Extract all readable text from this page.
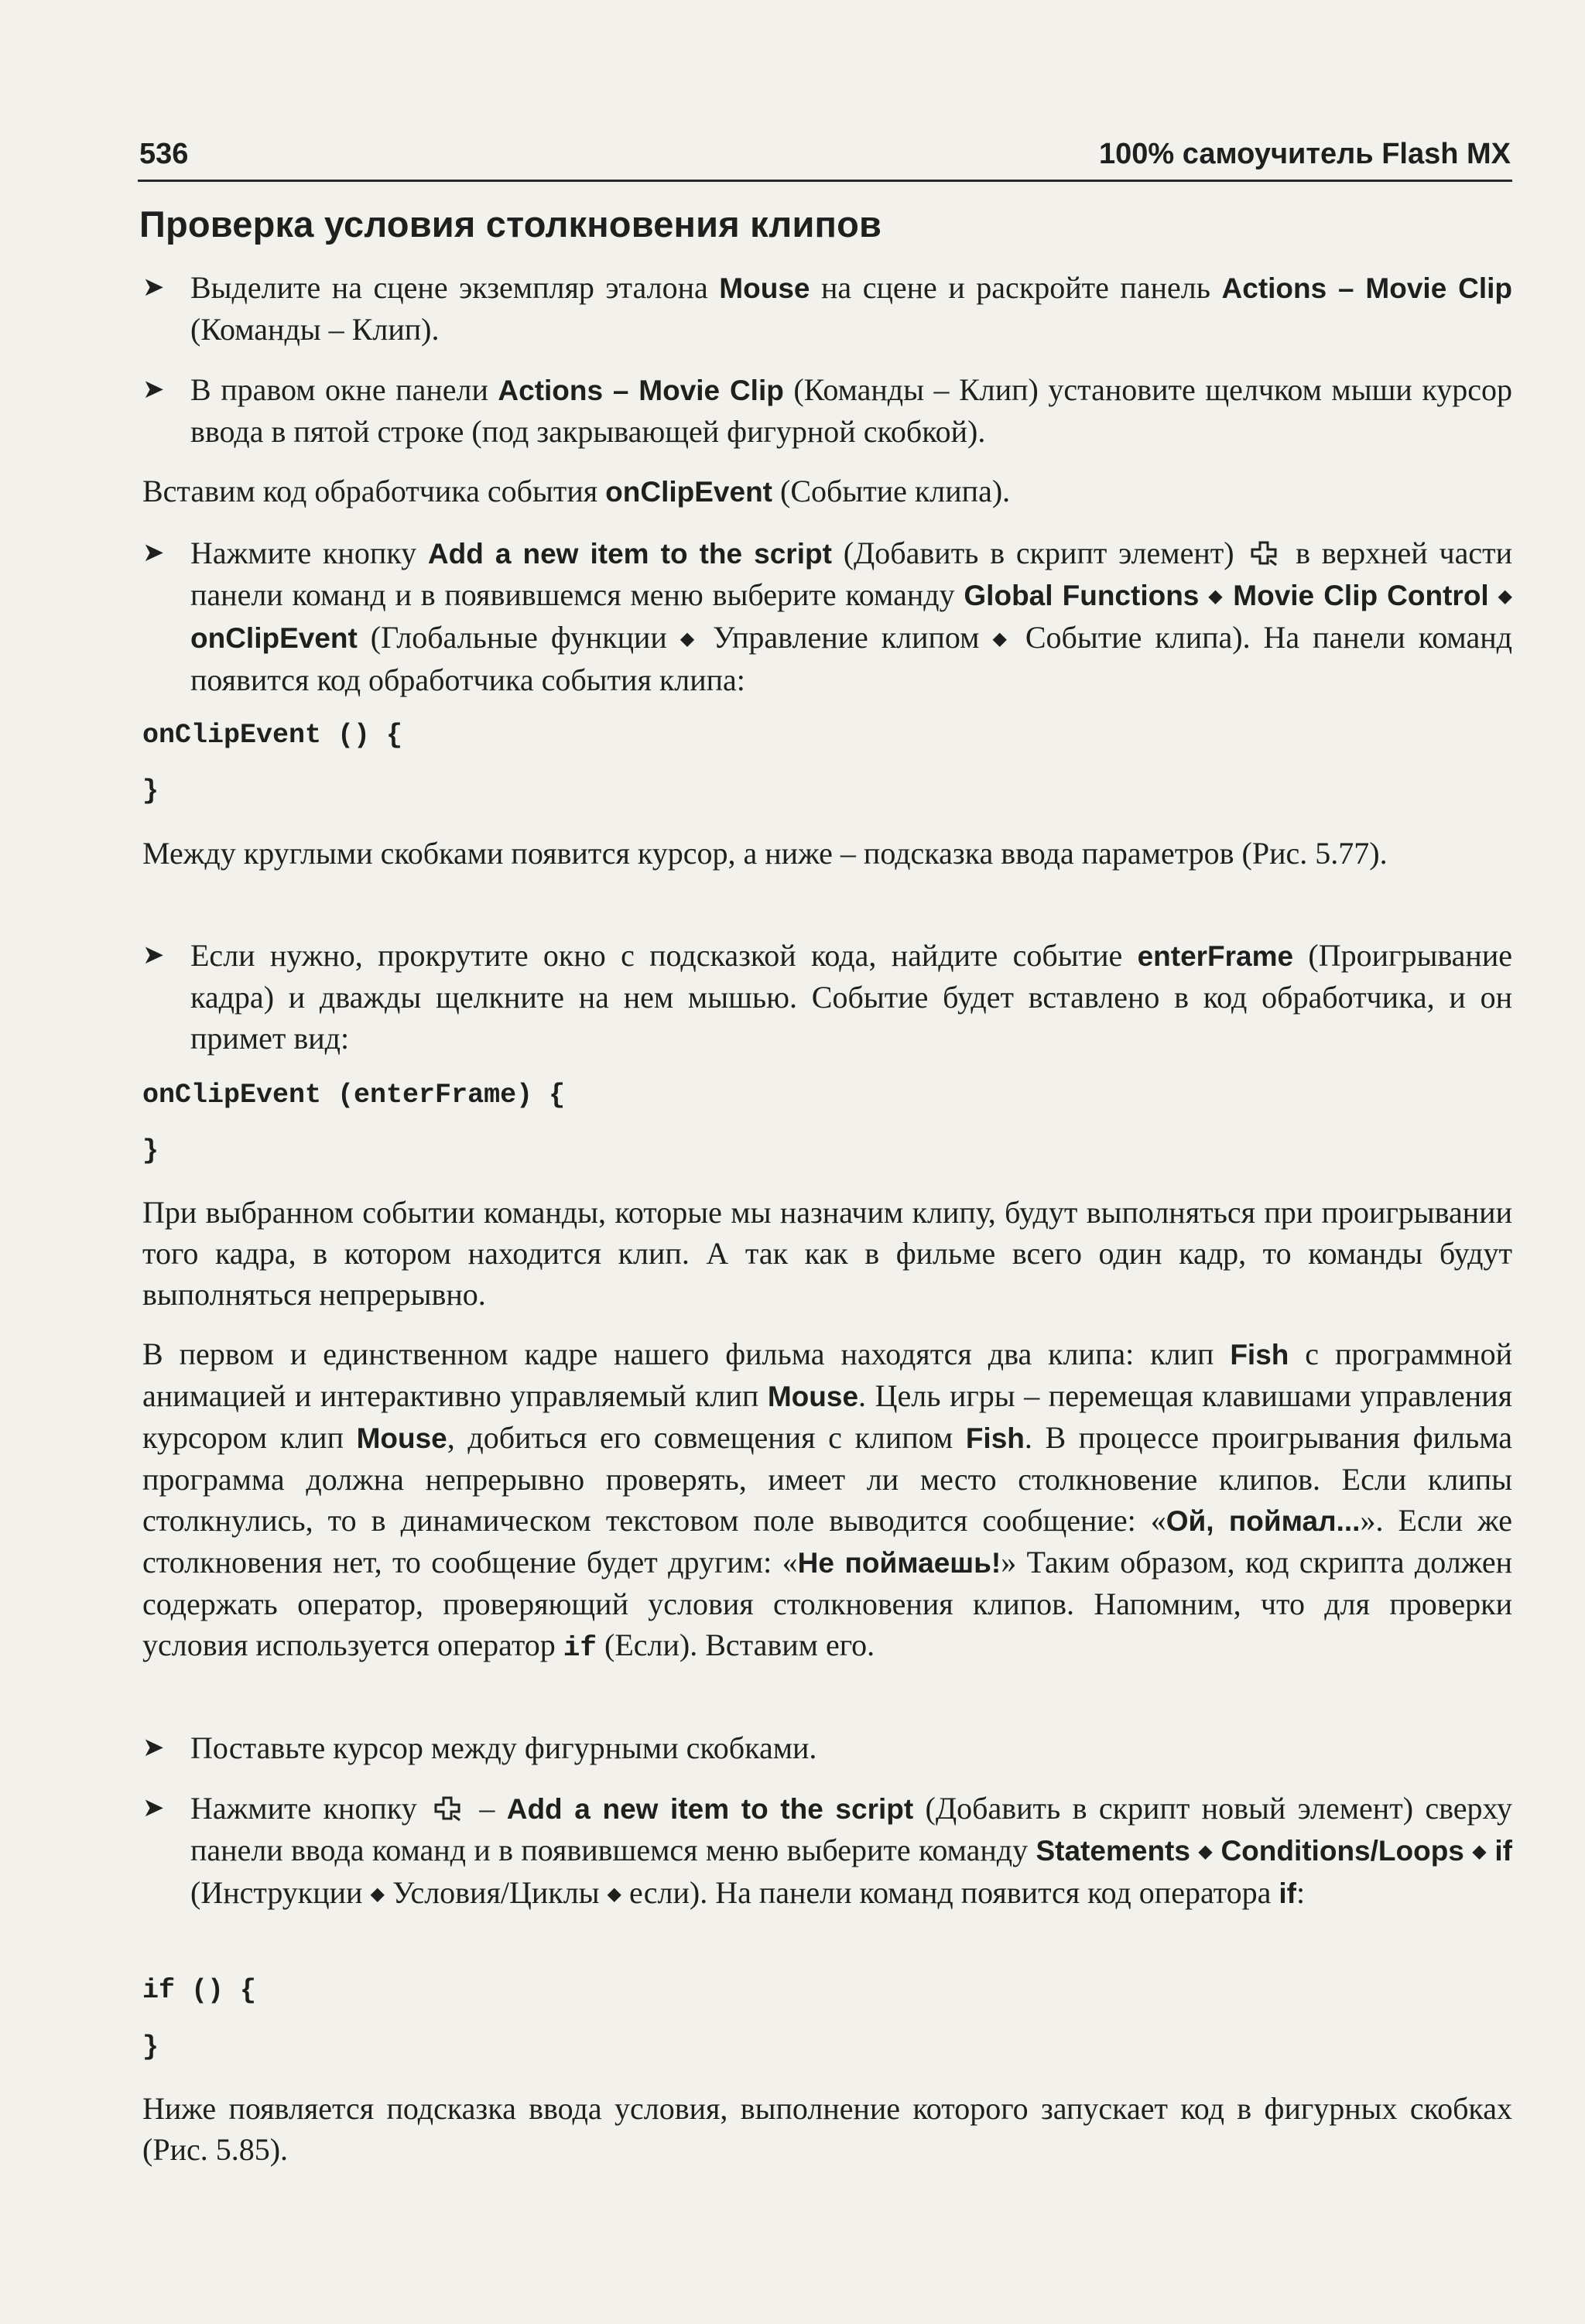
536	100% самоучитель Flash MX
Проверка условия столкновения клипов
➤ Выделите на сцене экземпляр эталона Mouse на сцене и раскройте панель Actions – Movie Clip (Команды – Клип).
➤ В правом окне панели Actions – Movie Clip (Команды – Клип) установите щелчком мыши курсор ввода в пятой строке (под закрывающей фигурной скобкой).
Вставим код обработчика события onClipEvent (Событие клипа).
➤ Нажмите кнопку Add a new item to the script (Добавить в скрипт элемент)  в верхней части панели команд и в появившемся меню выберите команду Global Functions ◆ Movie Clip Control ◆ onClipEvent (Глобальные функции ◆ Управление клипом ◆ Событие клипа). На панели команд появится код обработчика события клипа:
onClipEvent () {
}
Между круглыми скобками появится курсор, а ниже – подсказка ввода параметров (Рис. 5.77).
➤ Если нужно, прокрутите окно с подсказкой кода, найдите событие enterFrame (Проигрывание кадра) и дважды щелкните на нем мышью. Событие будет вставлено в код обработчика, и он примет вид:
onClipEvent (enterFrame) {
}
При выбранном событии команды, которые мы назначим клипу, будут выполняться при проигрывании того кадра, в котором находится клип. А так как в фильме всего один кадр, то команды будут выполняться непрерывно.
В первом и единственном кадре нашего фильма находятся два клипа: клип Fish с программной анимацией и интерактивно управляемый клип Mouse. Цель игры – перемещая клавишами управления курсором клип Mouse, добиться его совмещения с клипом Fish. В процессе проигрывания фильма программа должна непрерывно проверять, имеет ли место столкновение клипов. Если клипы столкнулись, то в динамическом текстовом поле выводится сообщение: «Ой, поймал...». Если же столкновения нет, то сообщение будет другим: «Не поймаешь!» Таким образом, код скрипта должен содержать оператор, проверяющий условия столкновения клипов. Напомним, что для проверки условия используется оператор if (Если). Вставим его.
➤ Поставьте курсор между фигурными скобками.
➤ Нажмите кнопку  – Add a new item to the script (Добавить в скрипт новый элемент) сверху панели ввода команд и в появившемся меню выберите команду Statements ◆ Conditions/Loops ◆ if (Инструкции ◆ Условия/Циклы ◆ если). На панели команд появится код оператора if:
if () {
}
Ниже появляется подсказка ввода условия, выполнение которого запускает код в фигурных скобках (Рис. 5.85).
